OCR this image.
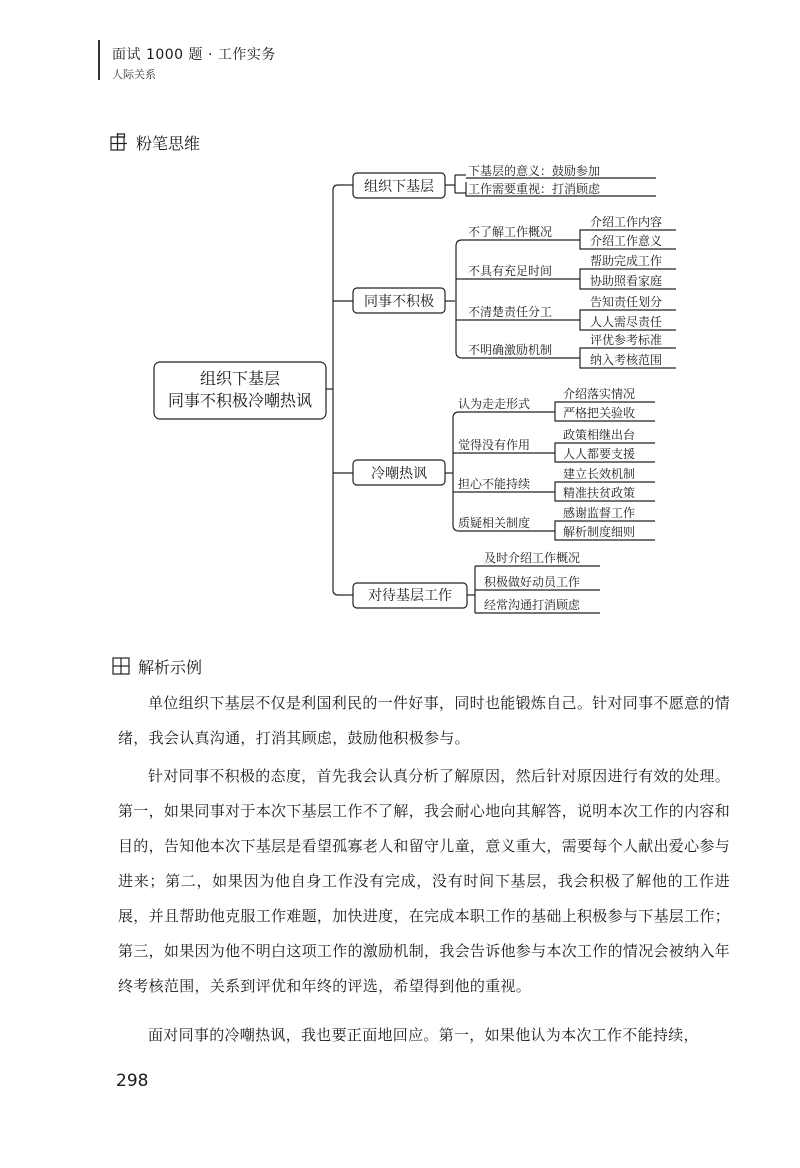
面试 1000 题 · 工作实务
人际关系
粉笔思维
组织下基层
同事不积极冷嘲热讽
组织下基层
同事不积极
冷嘲热讽
对待基层工作
下基层的意义：鼓励参加
工作需要重视：打消顾虑
不了解工作概况
不具有充足时间
不清楚责任分工
不明确激励机制
介绍工作内容
介绍工作意义
帮助完成工作
协助照看家庭
告知责任划分
人人需尽责任
评优参考标准
纳入考核范围
认为走走形式
觉得没有作用
担心不能持续
质疑相关制度
介绍落实情况
严格把关验收
政策相继出台
人人都要支援
建立长效机制
精准扶贫政策
感谢监督工作
解析制度细则
及时介绍工作概况
积极做好动员工作
经常沟通打消顾虑
解析示例

单位组织下基层不仅是利国利民的一件好事，同时也能锻炼自己。针对同事不愿意的情绪，我会认真沟通，打消其顾虑，鼓励他积极参与。

针对同事不积极的态度，首先我会认真分析了解原因，然后针对原因进行有效的处理。第一，如果同事对于本次下基层工作不了解，我会耐心地向其解答，说明本次工作的内容和目的，告知他本次下基层是看望孤寡老人和留守儿童，意义重大，需要每个人献出爱心参与进来；第二，如果因为他自身工作没有完成，没有时间下基层，我会积极了解他的工作进展，并且帮助他克服工作难题，加快进度，在完成本职工作的基础上积极参与下基层工作；第三，如果因为他不明白这项工作的激励机制，我会告诉他参与本次工作的情况会被纳入年终考核范围，关系到评优和年终的评选，希望得到他的重视。

面对同事的冷嘲热讽，我也要正面地回应。第一，如果他认为本次工作不能持续，

298
